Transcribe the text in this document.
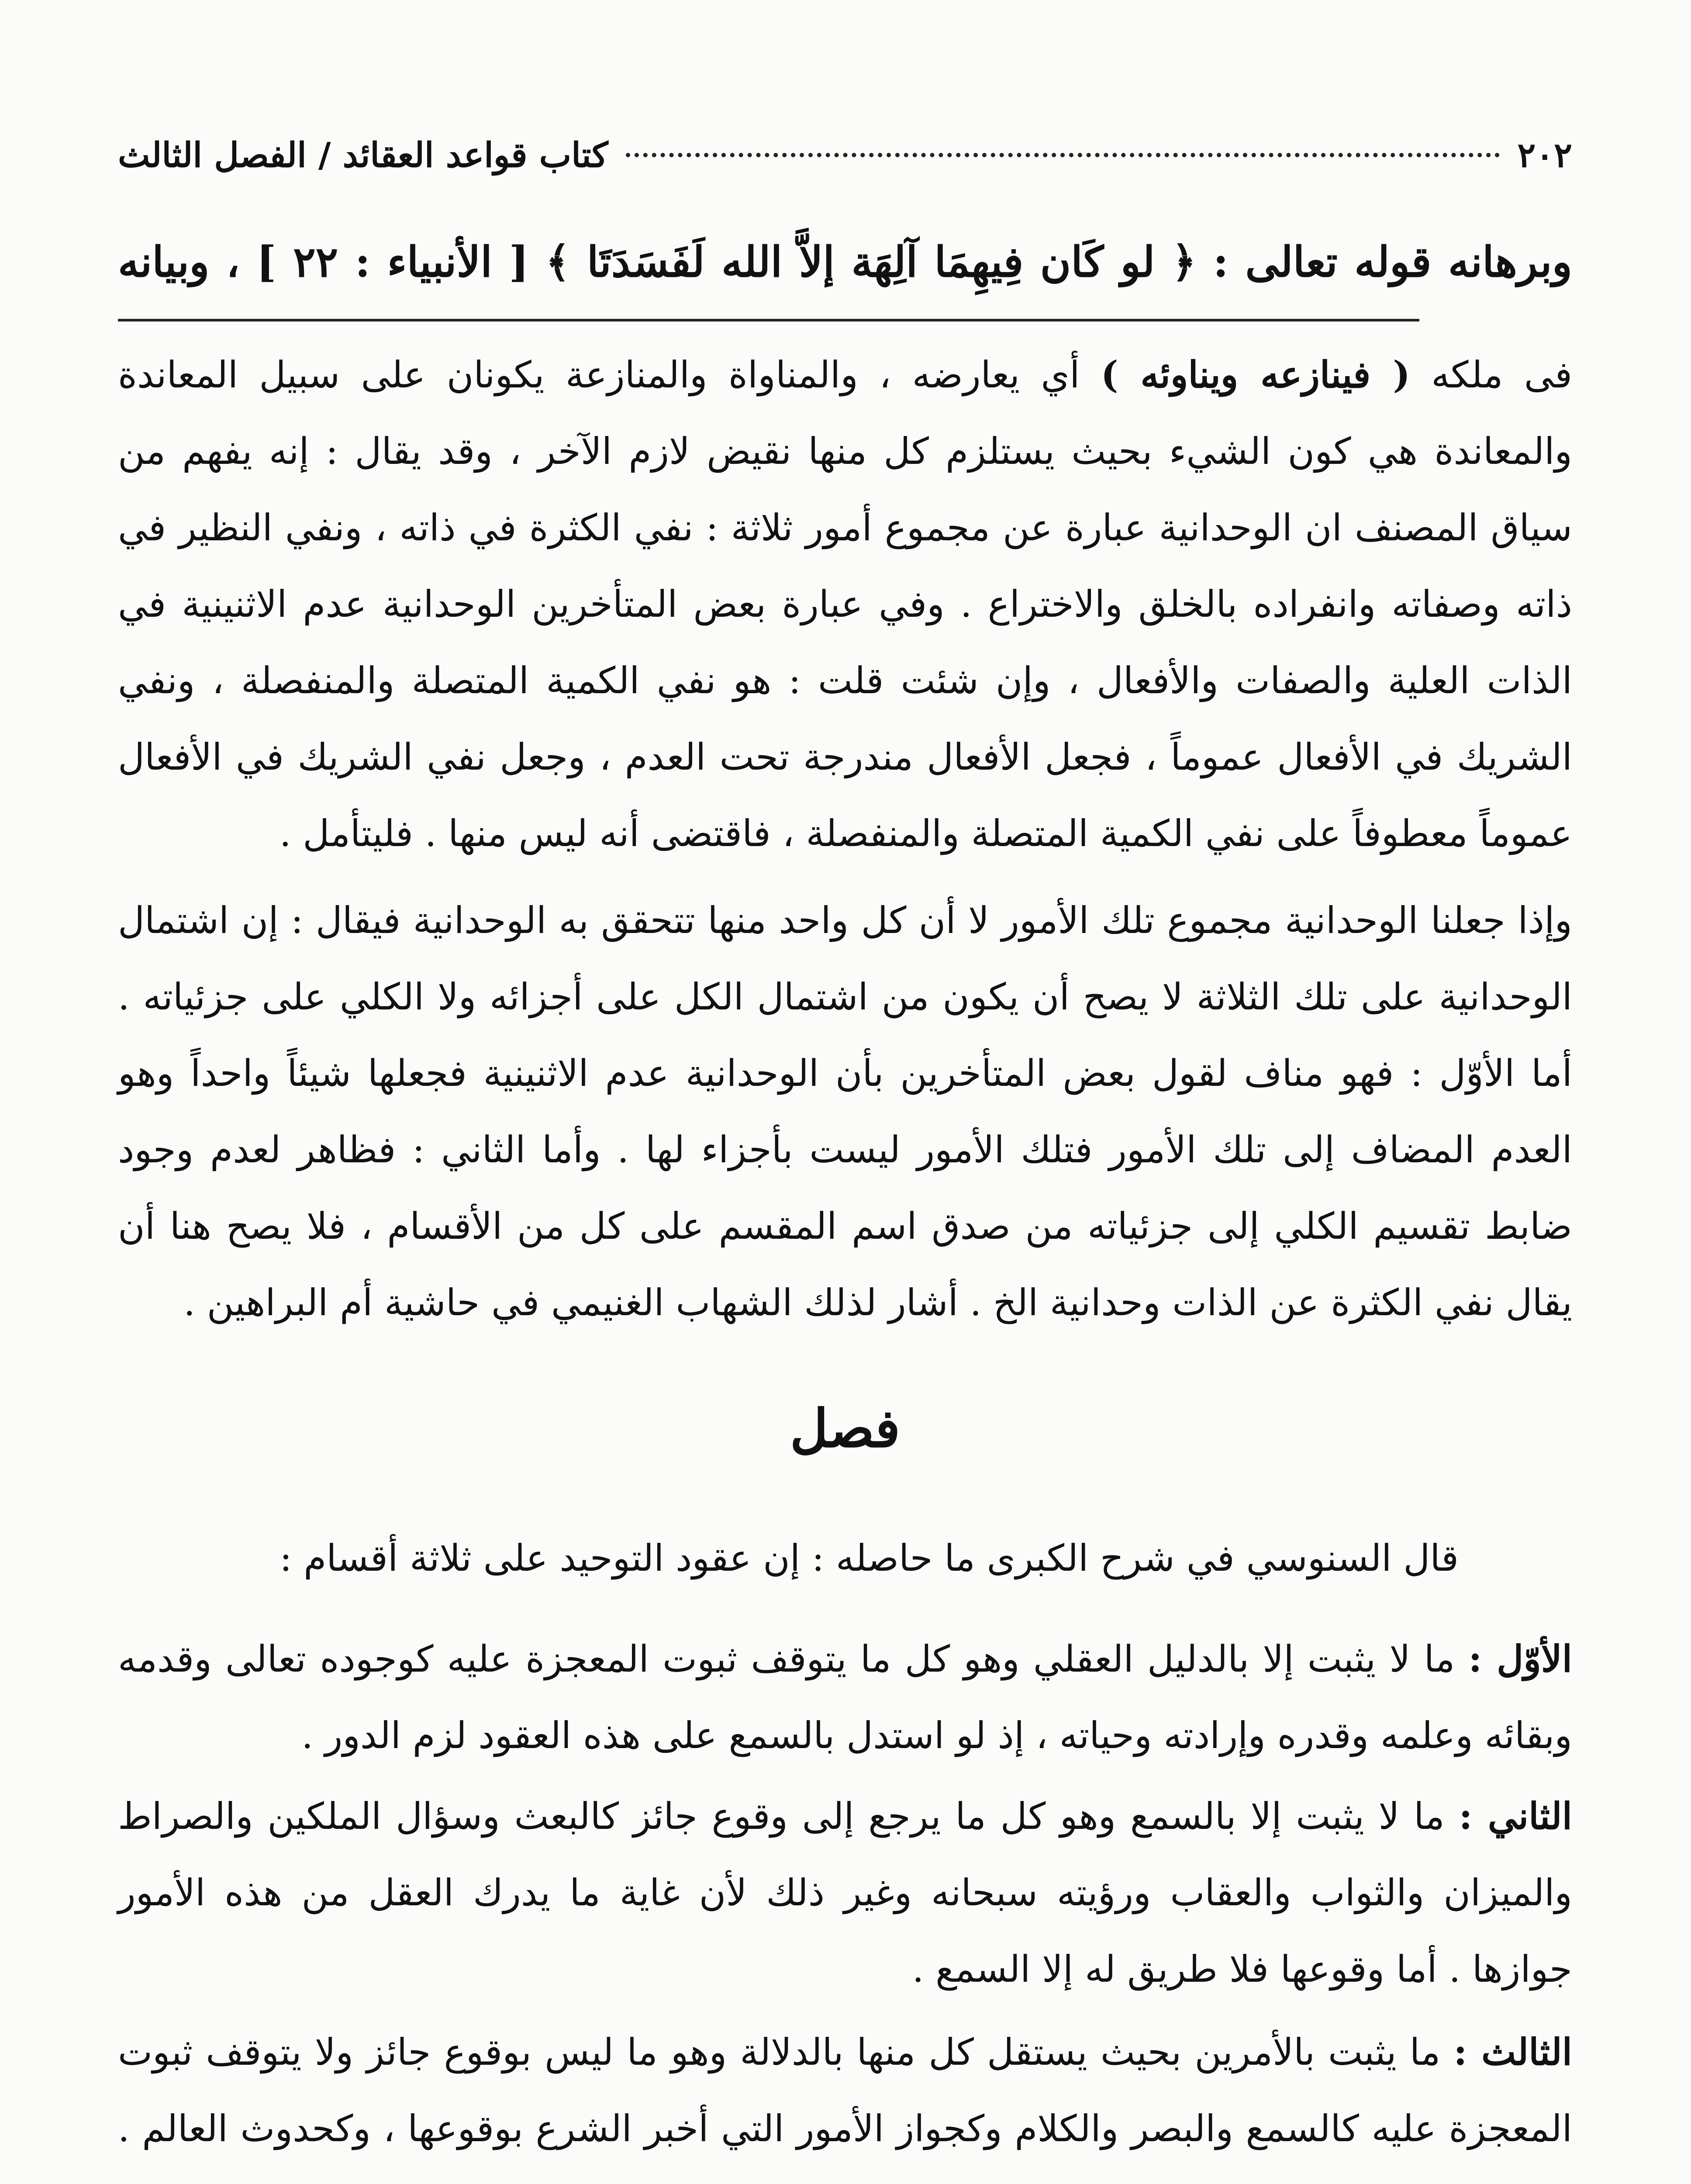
٢٠٢
كتاب قواعد العقائد / الفصل الثالث
وبرهانه قوله تعالى : ﴿ لو كَان فِيهِمَا آلِهَة إلاَّ الله لَفَسَدَتَا ﴾ [ الأنبياء : ٢٢ ] ، وبيانه
فى ملكه ( فينازعه ويناوئه ) أي يعارضه ، والمناواة والمنازعة يكونان على سبيل المعاندة والمعاندة هي كون الشيء بحيث يستلزم كل منها نقيض لازم الآخر ، وقد يقال : إنه يفهم من سياق المصنف ان الوحدانية عبارة عن مجموع أمور ثلاثة : نفي الكثرة في ذاته ، ونفي النظير في ذاته وصفاته وانفراده بالخلق والاختراع . وفي عبارة بعض المتأخرين الوحدانية عدم الاثنينية في الذات العلية والصفات والأفعال ، وإن شئت قلت : هو نفي الكمية المتصلة والمنفصلة ، ونفي الشريك في الأفعال عموماً ، فجعل الأفعال مندرجة تحت العدم ، وجعل نفي الشريك في الأفعال عموماً معطوفاً على نفي الكمية المتصلة والمنفصلة ، فاقتضى أنه ليس منها . فليتأمل .
وإذا جعلنا الوحدانية مجموع تلك الأمور لا أن كل واحد منها تتحقق به الوحدانية فيقال : إن اشتمال الوحدانية على تلك الثلاثة لا يصح أن يكون من اشتمال الكل على أجزائه ولا الكلي على جزئياته . أما الأوّل : فهو مناف لقول بعض المتأخرين بأن الوحدانية عدم الاثنينية فجعلها شيئاً واحداً وهو العدم المضاف إلى تلك الأمور فتلك الأمور ليست بأجزاء لها . وأما الثاني : فظاهر لعدم وجود ضابط تقسيم الكلي إلى جزئياته من صدق اسم المقسم على كل من الأقسام ، فلا يصح هنا أن يقال نفي الكثرة عن الذات وحدانية الخ . أشار لذلك الشهاب الغنيمي في حاشية أم البراهين .
فصل
قال السنوسي في شرح الكبرى ما حاصله : إن عقود التوحيد على ثلاثة أقسام :
الأوّل : ما لا يثبت إلا بالدليل العقلي وهو كل ما يتوقف ثبوت المعجزة عليه كوجوده تعالى وقدمه وبقائه وعلمه وقدره وإرادته وحياته ، إذ لو استدل بالسمع على هذه العقود لزم الدور .
الثاني : ما لا يثبت إلا بالسمع وهو كل ما يرجع إلى وقوع جائز كالبعث وسؤال الملكين والصراط والميزان والثواب والعقاب ورؤيته سبحانه وغير ذلك لأن غاية ما يدرك العقل من هذه الأمور جوازها . أما وقوعها فلا طريق له إلا السمع .
الثالث : ما يثبت بالأمرين بحيث يستقل كل منها بالدلالة وهو ما ليس بوقوع جائز ولا يتوقف ثبوت المعجزة عليه كالسمع والبصر والكلام وكجواز الأمور التي أخبر الشرع بوقوعها ، وكحدوث العالم .
